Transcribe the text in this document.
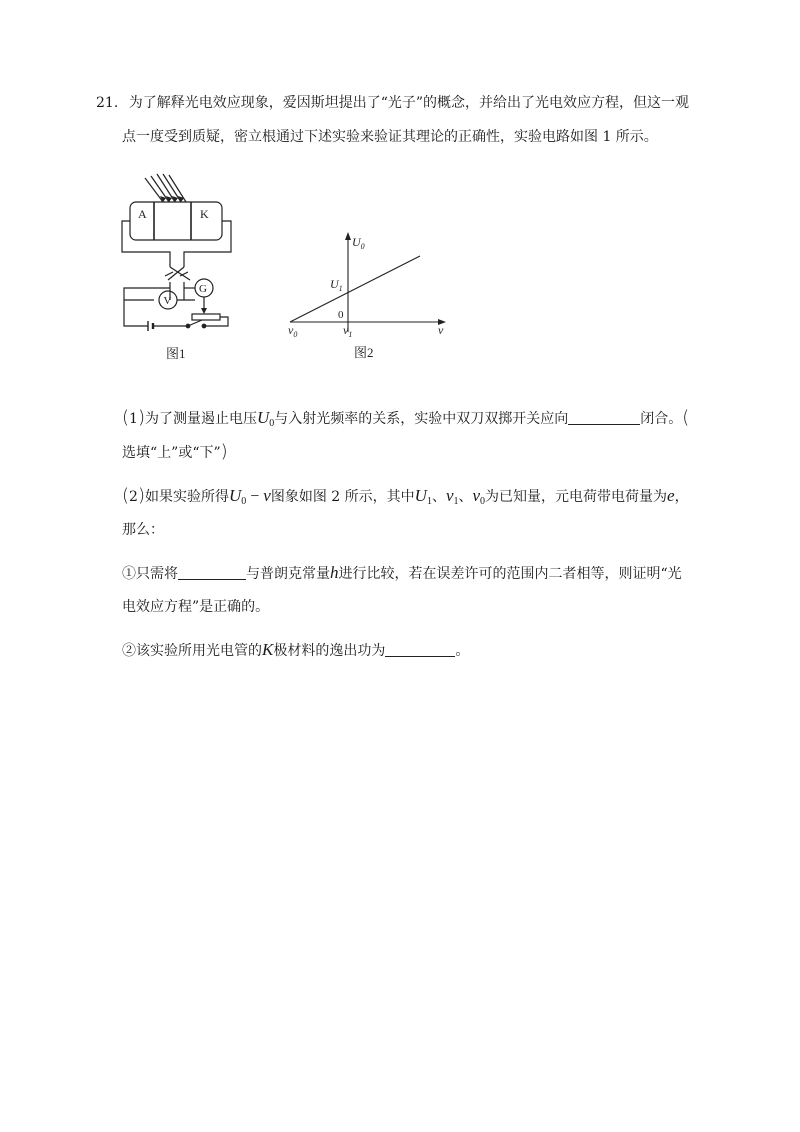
21. 为了解释光电效应现象，爱因斯坦提出了“光子”的概念，并给出了光电效应方程，但这一观
点一度受到质疑，密立根通过下述实验来验证其理论的正确性，实验电路如图 1 所示。
A	K
V
G
图1
$U_0$
$U_1$
0
$\nu_0$	$\nu_1$	ν
图2
(1)为了测量遏止电压$U_0$与入射光频率的关系，实验中双刀双掷开关应向	闭合。(
选填“上”或“下”)
(2)如果实验所得$U_0 - \nu$图象如图 2 所示，其中$U_1$、$\nu_1$、$\nu_0$为已知量，元电荷带电荷量为e，
那么：
①只需将	与普朗克常量h进行比较，若在误差许可的范围内二者相等，则证明“光
电效应方程”是正确的。
②该实验所用光电管的K极材料的逸出功为	。
